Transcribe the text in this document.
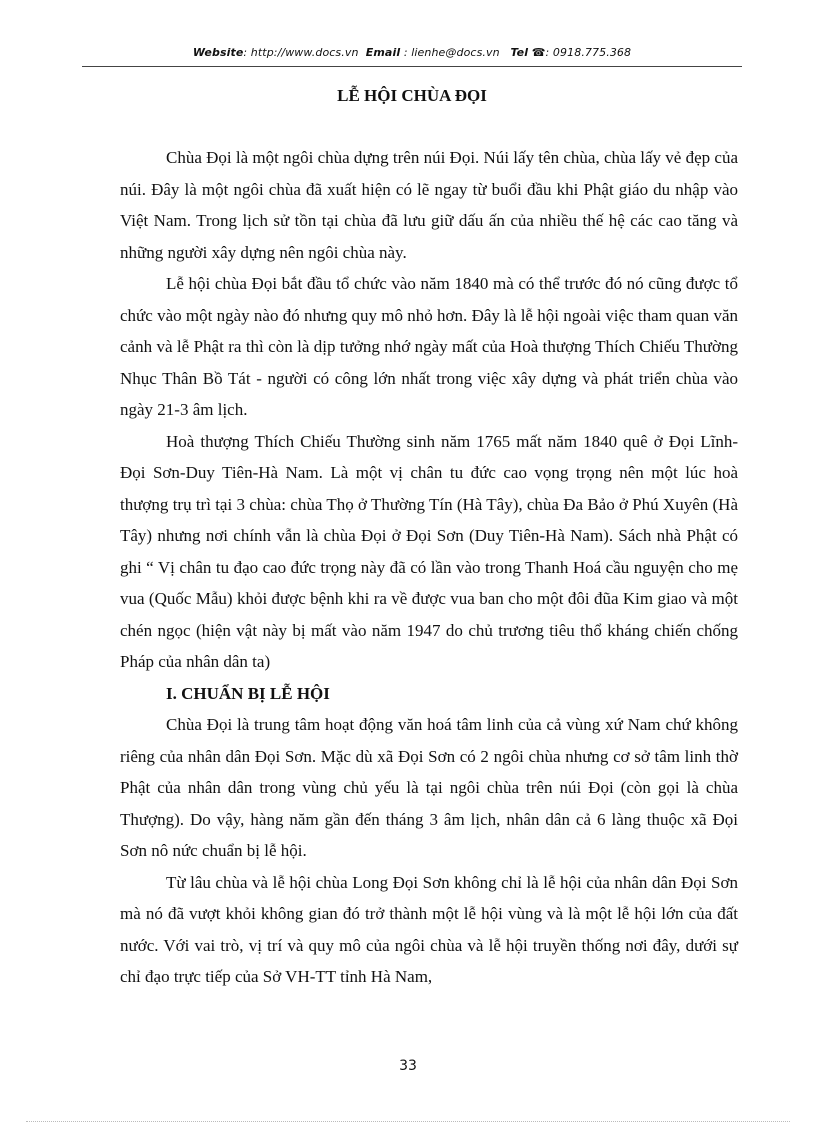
Website: http://www.docs.vn Email : lienhe@docs.vn Tel ☎: 0918.775.368
LỄ HỘI CHÙA ĐỌI

Chùa Đọi là một ngôi chùa dựng trên núi Đọi. Núi lấy tên chùa, chùa lấy vẻ đẹp của núi. Đây là một ngôi chùa đã xuất hiện có lẽ ngay từ buổi đầu khi Phật giáo du nhập vào Việt Nam. Trong lịch sử tồn tại chùa đã lưu giữ dấu ấn của nhiều thế hệ các cao tăng và những người xây dựng nên ngôi chùa này.

Lễ hội chùa Đọi bắt đầu tổ chức vào năm 1840 mà có thể trước đó nó cũng được tổ chức vào một ngày nào đó nhưng quy mô nhỏ hơn. Đây là lễ hội ngoài việc tham quan văn cảnh và lễ Phật ra thì còn là dịp tưởng nhớ ngày mất của Hoà thượng Thích Chiếu Thường Nhục Thân Bồ Tát - người có công lớn nhất trong việc xây dựng và phát triển chùa vào ngày 21-3 âm lịch.

Hoà thượng Thích Chiếu Thường sinh năm 1765 mất năm 1840 quê ở Đọi Lĩnh-Đọi Sơn-Duy Tiên-Hà Nam. Là một vị chân tu đức cao vọng trọng nên một lúc hoà thượng trụ trì tại 3 chùa: chùa Thọ ở Thường Tín (Hà Tây), chùa Đa Bảo ở Phú Xuyên (Hà Tây) nhưng nơi chính vẫn là chùa Đọi ở Đọi Sơn (Duy Tiên-Hà Nam). Sách nhà Phật có ghi “ Vị chân tu đạo cao đức trọng này đã có lần vào trong Thanh Hoá cầu nguyện cho mẹ vua (Quốc Mẫu) khỏi được bệnh khi ra về được vua ban cho một đôi đũa Kim giao và một chén ngọc (hiện vật này bị mất vào năm 1947 do chủ trương tiêu thổ kháng chiến chống Pháp của nhân dân ta)

I. CHUẨN BỊ LỄ HỘI

Chùa Đọi là trung tâm hoạt động văn hoá tâm linh của cả vùng xứ Nam chứ không riêng của nhân dân Đọi Sơn. Mặc dù xã Đọi Sơn có 2 ngôi chùa nhưng cơ sở tâm linh thờ Phật của nhân dân trong vùng chủ yếu là tại ngôi chùa trên núi Đọi (còn gọi là chùa Thượng). Do vậy, hàng năm gần đến tháng 3 âm lịch, nhân dân cả 6 làng thuộc xã Đọi Sơn nô nức chuẩn bị lễ hội.

Từ lâu chùa và lễ hội chùa Long Đọi Sơn không chỉ là lễ hội của nhân dân Đọi Sơn mà nó đã vượt khỏi không gian đó trở thành một lễ hội vùng và là một lễ hội lớn của đất nước. Với vai trò, vị trí và quy mô của ngôi chùa và lễ hội truyền thống nơi đây, dưới sự chỉ đạo trực tiếp của Sở VH-TT tỉnh Hà Nam,

33
